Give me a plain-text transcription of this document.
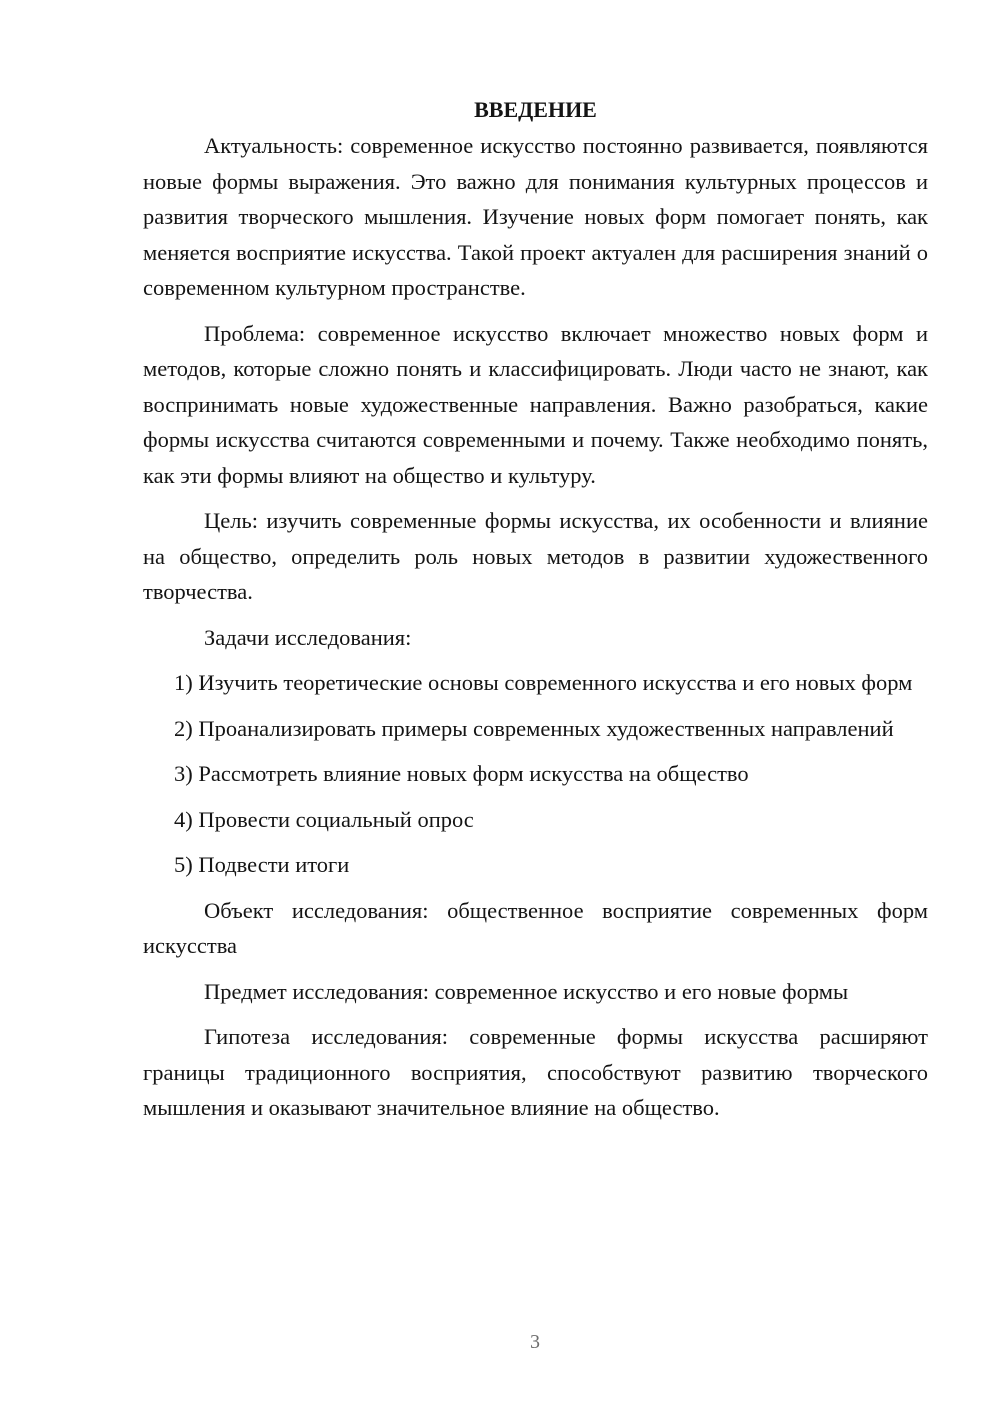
ВВЕДЕНИЕ

Актуальность: современное искусство постоянно развивается, появляются новые формы выражения. Это важно для понимания культурных процессов и развития творческого мышления. Изучение новых форм помогает понять, как меняется восприятие искусства. Такой проект актуален для расширения знаний о современном культурном пространстве.

Проблема: современное искусство включает множество новых форм и методов, которые сложно понять и классифицировать. Люди часто не знают, как воспринимать новые художественные направления. Важно разобраться, какие формы искусства считаются современными и почему. Также необходимо понять, как эти формы влияют на общество и культуру.

Цель: изучить современные формы искусства, их особенности и влияние на общество, определить роль новых методов в развитии художественного творчества.

Задачи исследования:

1) Изучить теоретические основы современного искусства и его новых форм

2) Проанализировать примеры современных художественных направлений

3) Рассмотреть влияние новых форм искусства на общество

4) Провести социальный опрос

5) Подвести итоги

Объект исследования: общественное восприятие современных форм искусства

Предмет исследования: современное искусство и его новые формы

Гипотеза исследования: современные формы искусства расширяют границы традиционного восприятия, способствуют развитию творческого мышления и оказывают значительное влияние на общество.

3
